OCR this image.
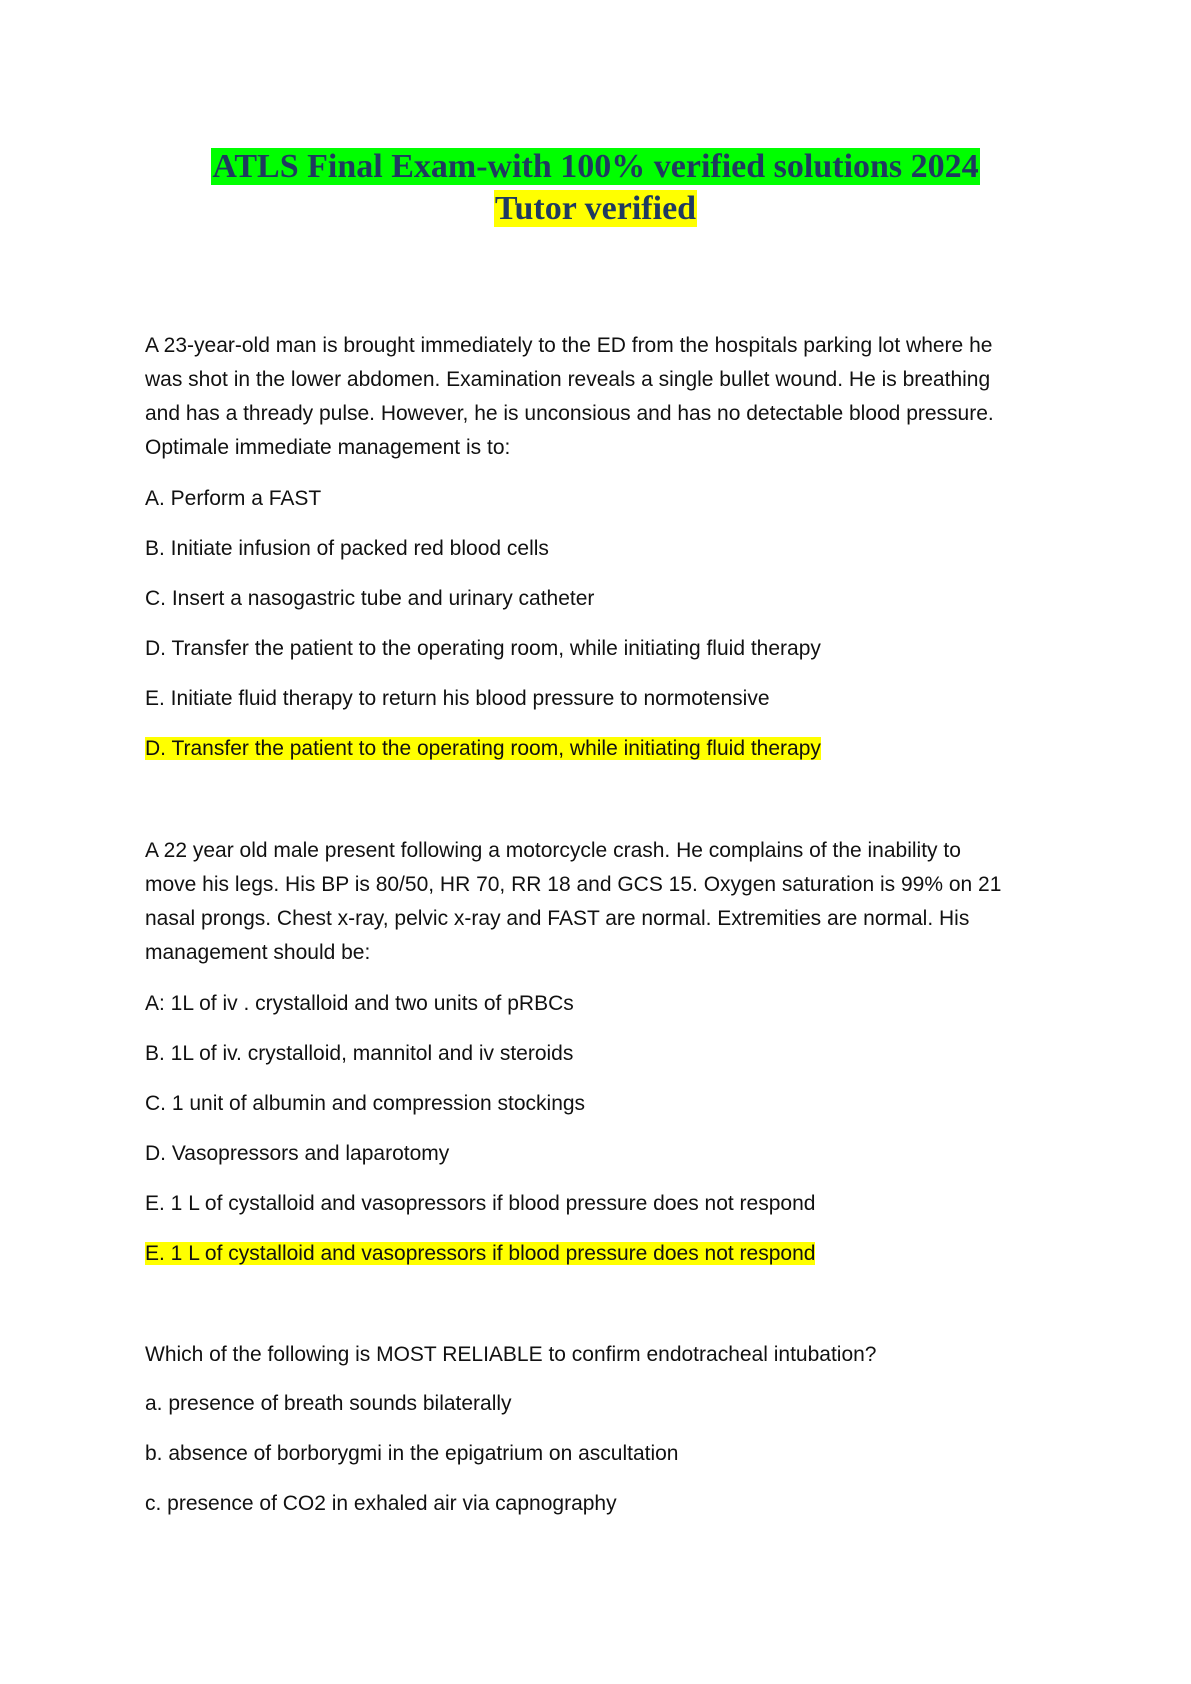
ATLS Final Exam-with 100% verified solutions 2024
Tutor verified
A 23-year-old man is brought immediately to the ED from the hospitals parking lot where he
was shot in the lower abdomen. Examination reveals a single bullet wound. He is breathing
and has a thready pulse. However, he is unconsious and has no detectable blood pressure.
Optimale immediate management is to:
A. Perform a FAST
B. Initiate infusion of packed red blood cells
C. Insert a nasogastric tube and urinary catheter
D. Transfer the patient to the operating room, while initiating fluid therapy
E. Initiate fluid therapy to return his blood pressure to normotensive
D. Transfer the patient to the operating room, while initiating fluid therapy
A 22 year old male present following a motorcycle crash. He complains of the inability to
move his legs. His BP is 80/50, HR 70, RR 18 and GCS 15. Oxygen saturation is 99% on 21
nasal prongs. Chest x-ray, pelvic x-ray and FAST are normal. Extremities are normal. His
management should be:
A: 1L of iv . crystalloid and two units of pRBCs
B. 1L of iv. crystalloid, mannitol and iv steroids
C. 1 unit of albumin and compression stockings
D. Vasopressors and laparotomy
E. 1 L of cystalloid and vasopressors if blood pressure does not respond
E. 1 L of cystalloid and vasopressors if blood pressure does not respond
Which of the following is MOST RELIABLE to confirm endotracheal intubation?
a. presence of breath sounds bilaterally
b. absence of borborygmi in the epigatrium on ascultation
c. presence of CO2 in exhaled air via capnography
